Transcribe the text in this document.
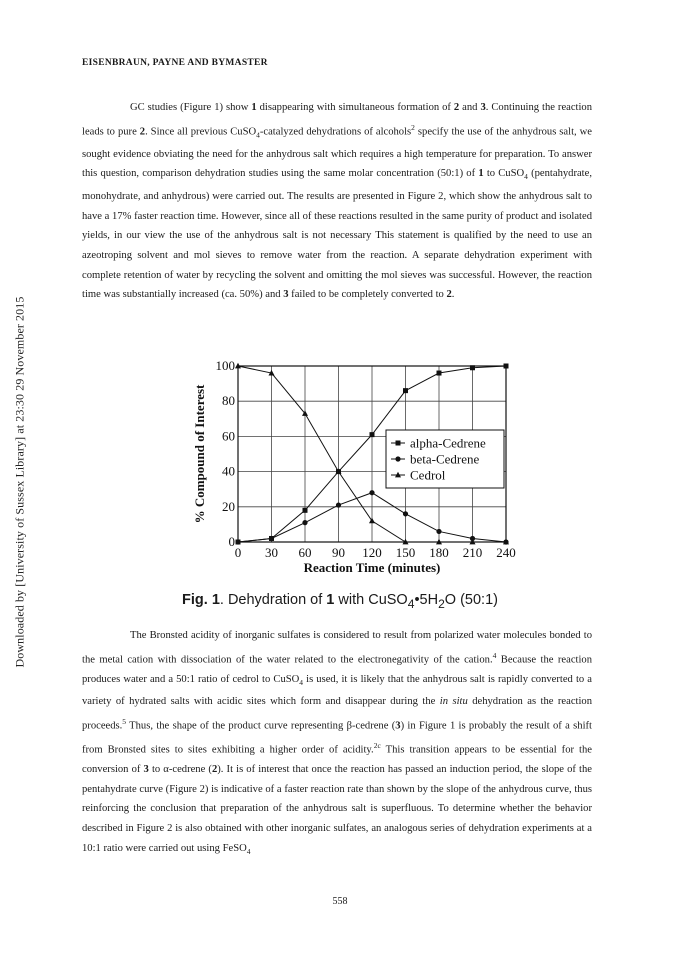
Downloaded by [University of Sussex Library] at 23:30 29 November 2015
EISENBRAUN, PAYNE AND BYMASTER

GC studies (Figure 1) show 1 disappearing with simultaneous formation of 2 and 3. Continuing the reaction leads to pure 2. Since all previous CuSO$_4$-catalyzed dehydrations of alcohols$^2$ specify the use of the anhydrous salt, we sought evidence obviating the need for the anhydrous salt which requires a high temperature for preparation. To answer this question, comparison dehydration studies using the same molar concentration (50:1) of 1 to CuSO$_4$ (pentahydrate, monohydrate, and anhydrous) were carried out. The results are presented in Figure 2, which show the anhydrous salt to have a 17% faster reaction time. However, since all of these reactions resulted in the same purity of product and isolated yields, in our view the use of the anhydrous salt is not necessary This statement is qualified by the need to use an azeotroping solvent and mol sieves to remove water from the reaction. A separate dehydration experiment with complete retention of water by recycling the solvent and omitting the mol sieves was successful. However, the reaction time was substantially increased (ca. 50%) and 3 failed to be completely converted to 2.

0 30 60 90 120 150 180 210 240
0
20
40
60
80
100
Reaction Time (minutes)
% Compound of Interest	alpha-Cedrene
beta-Cedrene
Cedrol
Fig. 1. Dehydration of 1 with $CuSO_4•5H_2O$ (50:1)

The Bronsted acidity of inorganic sulfates is considered to result from polarized water molecules bonded to the metal cation with dissociation of the water related to the electronegativity of the cation.$^4$ Because the reaction produces water and a 50:1 ratio of cedrol to CuSO$_4$ is used, it is likely that the anhydrous salt is rapidly converted to a variety of hydrated salts with acidic sites which form and disappear during the in situ dehydration as the reaction proceeds.$^5$ Thus, the shape of the product curve representing β-cedrene (3) in Figure 1 is probably the result of a shift from Bronsted sites to sites exhibiting a higher order of acidity.$^{2c}$ This transition appears to be essential for the conversion of 3 to α-cedrene (2). It is of interest that once the reaction has passed an induction period, the slope of the pentahydrate curve (Figure 2) is indicative of a faster reaction rate than shown by the slope of the anhydrous curve, thus reinforcing the conclusion that preparation of the anhydrous salt is superfluous. To determine whether the behavior described in Figure 2 is also obtained with other inorganic sulfates, an analogous series of dehydration experiments at a 10:1 ratio were carried out using FeSO$_4$

558
